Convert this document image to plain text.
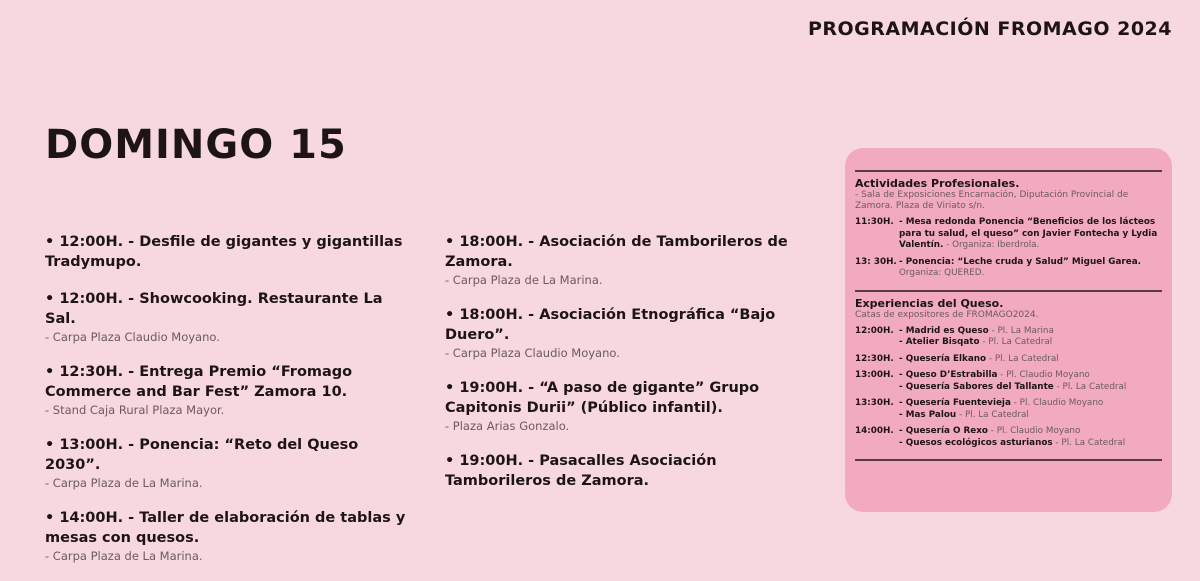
PROGRAMACIÓN FROMAGO 2024
DOMINGO 15
• 12:00H. - Desfile de gigantes y gigantillas Tradymupo.
• 12:00H. - Showcooking. Restaurante La Sal.
- Carpa Plaza Claudio Moyano.
• 12:30H. - Entrega Premio “Fromago Commerce and Bar Fest” Zamora 10.
- Stand Caja Rural Plaza Mayor.
• 13:00H. - Ponencia: “Reto del Queso 2030”.
- Carpa Plaza de La Marina.
• 14:00H. - Taller de elaboración de tablas y mesas con quesos.
- Carpa Plaza de La Marina.
• 18:00H. - Asociación de Tamborileros de Zamora.
- Carpa Plaza de La Marina.
• 18:00H. - Asociación Etnográfica “Bajo Duero”.
- Carpa Plaza Claudio Moyano.
• 19:00H. - “A paso de gigante” Grupo Capitonis Durii” (Público infantil).
- Plaza Arias Gonzalo.
• 19:00H. - Pasacalles Asociación Tamborileros de Zamora.
Actividades Profesionales.
- Sala de Exposiciones Encarnación, Diputación Provincial de Zamora. Plaza de Viriato s/n.
11:30H. - Mesa redonda Ponencia “Beneficios de los lácteos para tu salud, el queso” con Javier Fontecha y Lydia Valentín. - Organiza: Iberdrola.
13: 30H. - Ponencia: “Leche cruda y Salud” Miguel Garea. Organiza: QUERED.
Experiencias del Queso.
Catas de expositores de FROMAGO2024.
12:00H. - Madrid es Queso - Pl. La Marina
- Atelier Bisqato - Pl. La Catedral
12:30H. - Quesería Elkano - Pl. La Catedral
13:00H. - Queso D’Estrabilla - Pl. Claudio Moyano
- Quesería Sabores del Tallante - Pl. La Catedral
13:30H. - Quesería Fuentevieja - Pl. Claudio Moyano
- Mas Palou - Pl. La Catedral
14:00H. - Quesería O Rexo - Pl. Claudio Moyano
- Quesos ecológicos asturianos - Pl. La Catedral
